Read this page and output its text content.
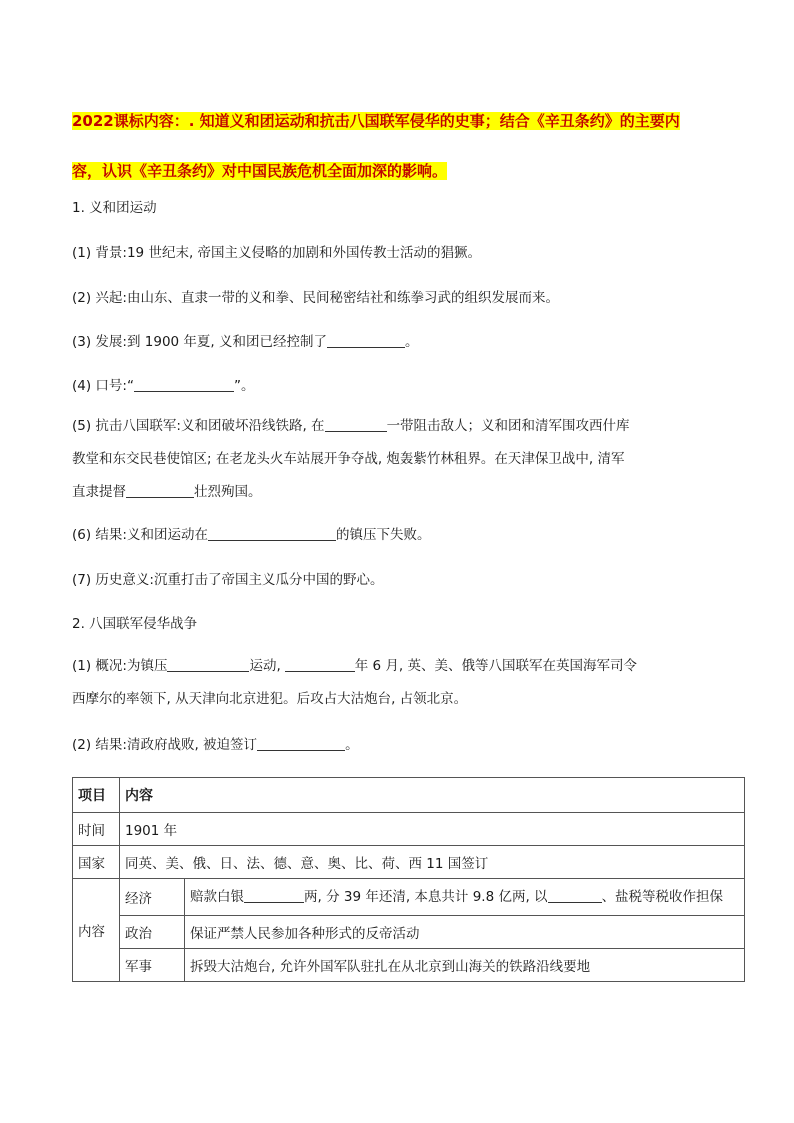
2022课标内容：. 知道义和团运动和抗击八国联军侵华的史事；结合《辛丑条约》的主要内
容，认识《辛丑条约》对中国民族危机全面加深的影响。
1. 义和团运动
(1) 背景:19 世纪末, 帝国主义侵略的加剧和外国传教士活动的猖獗。
(2) 兴起:由山东、直隶一带的义和拳、民间秘密结社和练拳习武的组织发展而来。
(3) 发展:到 1900 年夏, 义和团已经控制了	。
(4) 口号:“	”。
(5) 抗击八国联军:义和团破坏沿线铁路, 在	一带阻击敌人；义和团和清军围攻西什库
教堂和东交民巷使馆区; 在老龙头火车站展开争夺战, 炮轰紫竹林租界。在天津保卫战中, 清军
直隶提督	壮烈殉国。
(6) 结果:义和团运动在	的镇压下失败。
(7) 历史意义:沉重打击了帝国主义瓜分中国的野心。
2. 八国联军侵华战争
(1) 概况:为镇压	运动,	年 6 月, 英、美、俄等八国联军在英国海军司令
西摩尔的率领下, 从天津向北京进犯。后攻占大沽炮台, 占领北京。
(2) 结果:清政府战败, 被迫签订	。
项目	内容	
时间	1901 年	
国家	同英、美、俄、日、法、德、意、奥、比、荷、西 11 国签订	
内容	经济	赔款白银 两, 分 39 年还清, 本息共计 9.8 亿两, 以 、盐税等税收作担保
	政治	保证严禁人民参加各种形式的反帝活动
	军事	拆毁大沽炮台, 允许外国军队驻扎在从北京到山海关的铁路沿线要地
